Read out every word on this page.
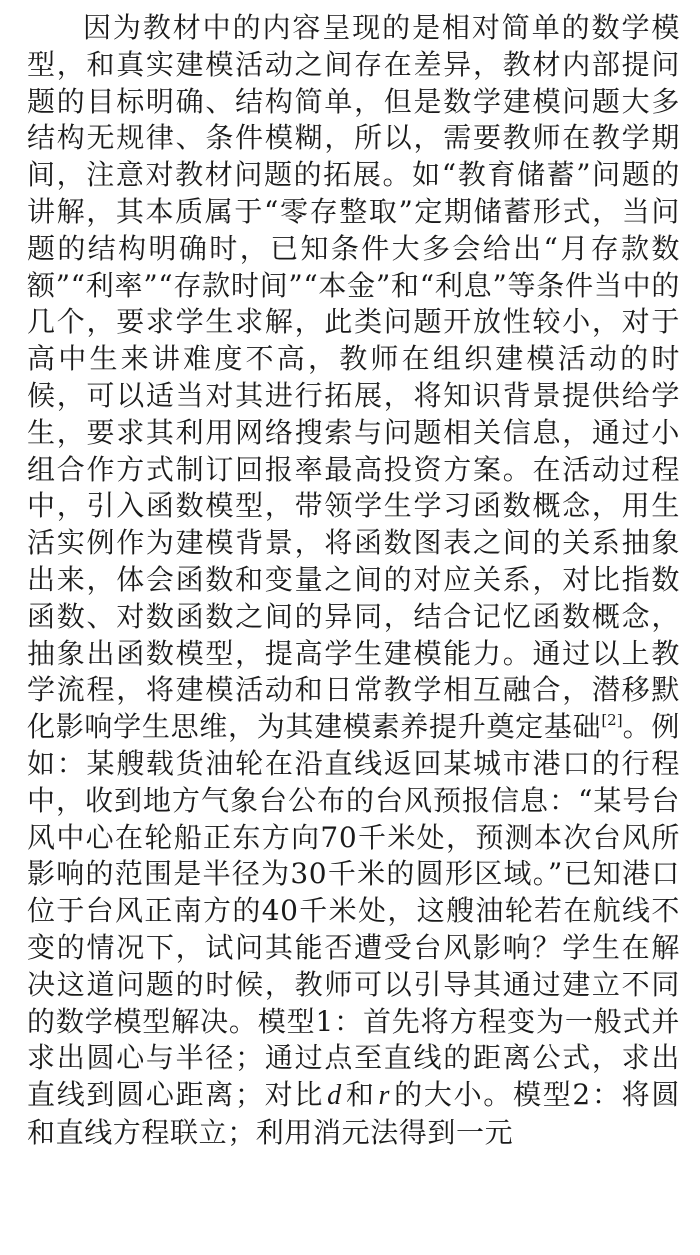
因为教材中的内容呈现的是相对简单的数学模型，和真实建模活动之间存在差异，教材内部提问题的目标明确、结构简单，但是数学建模问题大多结构无规律、条件模糊，所以，需要教师在教学期间，注意对教材问题的拓展。如“教育储蓄”问题的讲解，其本质属于“零存整取”定期储蓄形式，当问题的结构明确时，已知条件大多会给出“月存款数额”“利率”“存款时间”“本金”和“利息”等条件当中的几个，要求学生求解，此类问题开放性较小，对于高中生来讲难度不高，教师在组织建模活动的时候，可以适当对其进行拓展，将知识背景提供给学生，要求其利用网络搜索与问题相关信息，通过小组合作方式制订回报率最高投资方案。在活动过程中，引入函数模型，带领学生学习函数概念，用生活实例作为建模背景，将函数图表之间的关系抽象出来，体会函数和变量之间的对应关系，对比指数函数、对数函数之间的异同，结合记忆函数概念，抽象出函数模型，提高学生建模能力。通过以上教学流程，将建模活动和日常教学相互融合，潜移默化影响学生思维，为其建模素养提升奠定基础[2]。例如：某艘载货油轮在沿直线返回某城市港口的行程中，收到地方气象台公布的台风预报信息：“某号台风中心在轮船正东方向70千米处，预测本次台风所影响的范围是半径为30千米的圆形区域。”已知港口位于台风正南方的40千米处，这艘油轮若在航线不变的情况下，试问其能否遭受台风影响？学生在解决这道问题的时候，教师可以引导其通过建立不同的数学模型解决。模型1：首先将方程变为一般式并求出圆心与半径；通过点至直线的距离公式，求出直线到圆心距离；对比 d 和 r 的大小。模型2：将圆和直线方程联立；利用消元法得到一元
